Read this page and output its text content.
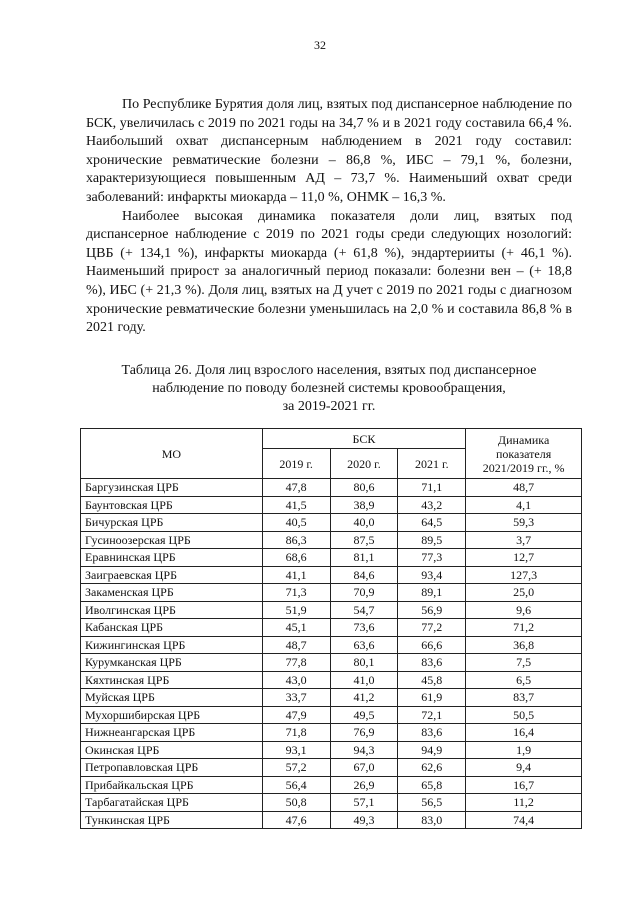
32

По Республике Бурятия доля лиц, взятых под диспансерное наблюдение по БСК, увеличилась с 2019 по 2021 годы на 34,7 % и в 2021 году составила 66,4 %. Наибольший охват диспансерным наблюдением в 2021 году составил: хронические ревматические болезни – 86,8 %, ИБС – 79,1 %, болезни, характеризующиеся повышенным АД – 73,7 %. Наименьший охват среди заболеваний: инфаркты миокарда – 11,0 %, ОНМК – 16,3 %.

Наиболее высокая динамика показателя доли лиц, взятых под диспансерное наблюдение с 2019 по 2021 годы среди следующих нозологий: ЦВБ (+ 134,1 %), инфаркты миокарда (+ 61,8 %), эндартерииты (+ 46,1 %). Наименьший прирост за аналогичный период показали: болезни вен – (+ 18,8 %), ИБС (+ 21,3 %). Доля лиц, взятых на Д учет с 2019 по 2021 годы с диагнозом хронические ревматические болезни уменьшилась на 2,0 % и составила 86,8 % в 2021 году.

Таблица 26. Доля лиц взрослого населения, взятых под диспансерное
наблюдение по поводу болезней системы кровообращения,
за 2019-2021 гг.
МО	БСК			Динамика показателя 2021/2019 гг., %
	2019 г.	2020 г.	2021 г.	
Баргузинская ЦРБ	47,8	80,6	71,1	48,7
Баунтовская ЦРБ	41,5	38,9	43,2	4,1
Бичурская ЦРБ	40,5	40,0	64,5	59,3
Гусиноозерская ЦРБ	86,3	87,5	89,5	3,7
Еравнинская ЦРБ	68,6	81,1	77,3	12,7
Заиграевская ЦРБ	41,1	84,6	93,4	127,3
Закаменская ЦРБ	71,3	70,9	89,1	25,0
Иволгинская ЦРБ	51,9	54,7	56,9	9,6
Кабанская ЦРБ	45,1	73,6	77,2	71,2
Кижингинская ЦРБ	48,7	63,6	66,6	36,8
Курумканская ЦРБ	77,8	80,1	83,6	7,5
Кяхтинская ЦРБ	43,0	41,0	45,8	6,5
Муйская ЦРБ	33,7	41,2	61,9	83,7
Мухоршибирская ЦРБ	47,9	49,5	72,1	50,5
Нижнеангарская ЦРБ	71,8	76,9	83,6	16,4
Окинская ЦРБ	93,1	94,3	94,9	1,9
Петропавловская ЦРБ	57,2	67,0	62,6	9,4
Прибайкальская ЦРБ	56,4	26,9	65,8	16,7
Тарбагатайская ЦРБ	50,8	57,1	56,5	11,2
Тункинская ЦРБ	47,6	49,3	83,0	74,4
